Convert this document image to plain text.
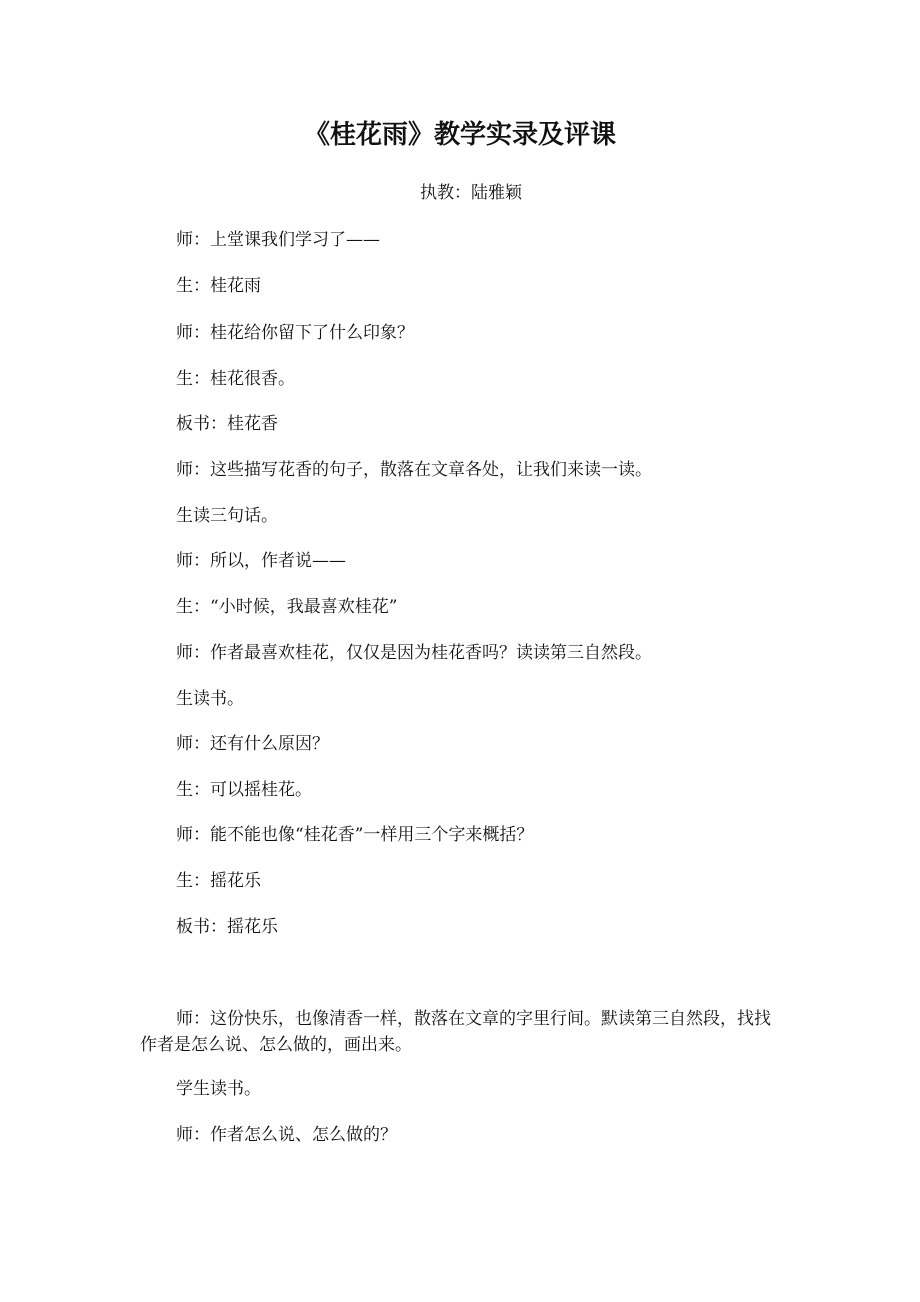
《桂花雨》教学实录及评课
执教：陆雅颖
师：上堂课我们学习了——
生：桂花雨
师：桂花给你留下了什么印象？
生：桂花很香。
板书：桂花香
师：这些描写花香的句子，散落在文章各处，让我们来读一读。
生读三句话。
师：所以，作者说——
生：“小时候，我最喜欢桂花”
师：作者最喜欢桂花，仅仅是因为桂花香吗？读读第三自然段。
生读书。
师：还有什么原因？
生：可以摇桂花。
师：能不能也像“桂花香”一样用三个字来概括？
生：摇花乐
板书：摇花乐
师：这份快乐，也像清香一样，散落在文章的字里行间。默读第三自然段，找找作者是怎么说、怎么做的，画出来。
学生读书。
师：作者怎么说、怎么做的？
